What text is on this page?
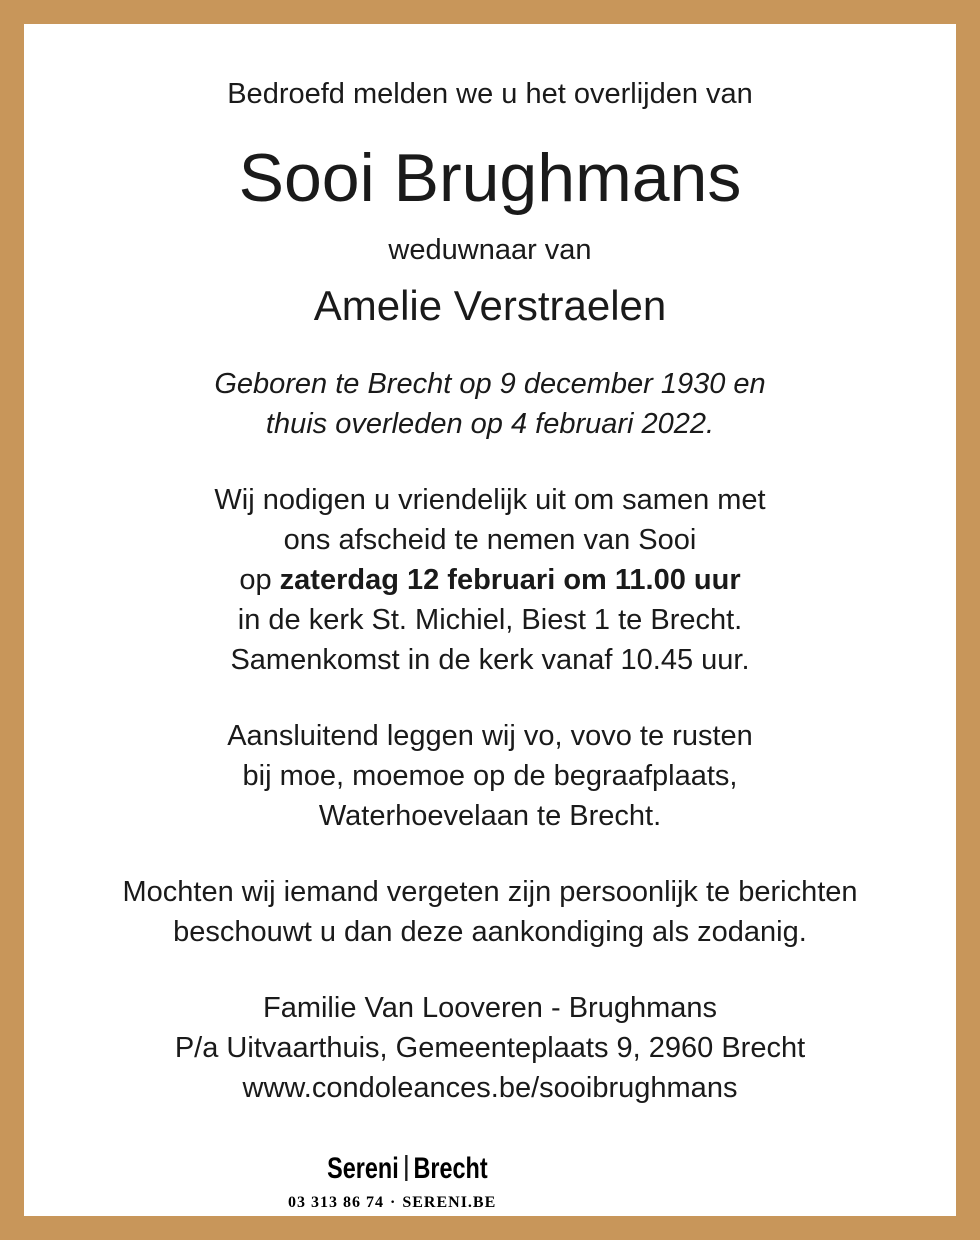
Bedroefd melden we u het overlijden van

Sooi Brughmans

weduwnaar van

Amelie Verstraelen

Geboren te Brecht op 9 december 1930 en
thuis overleden op 4 februari 2022.

Wij nodigen u vriendelijk uit om samen met
ons afscheid te nemen van Sooi
op zaterdag 12 februari om 11.00 uur
in de kerk St. Michiel, Biest 1 te Brecht.
Samenkomst in de kerk vanaf 10.45 uur.

Aansluitend leggen wij vo, vovo te rusten
bij moe, moemoe op de begraafplaats,
Waterhoevelaan te Brecht.

Mochten wij iemand vergeten zijn persoonlijk te berichten
beschouwt u dan deze aankondiging als zodanig.

Familie Van Looveren - Brughmans
P/a Uitvaarthuis, Gemeenteplaats 9, 2960 Brecht
www.condoleances.be/sooibrughmans

Sereni Brecht
03 313 86 74 · SERENI.BE
